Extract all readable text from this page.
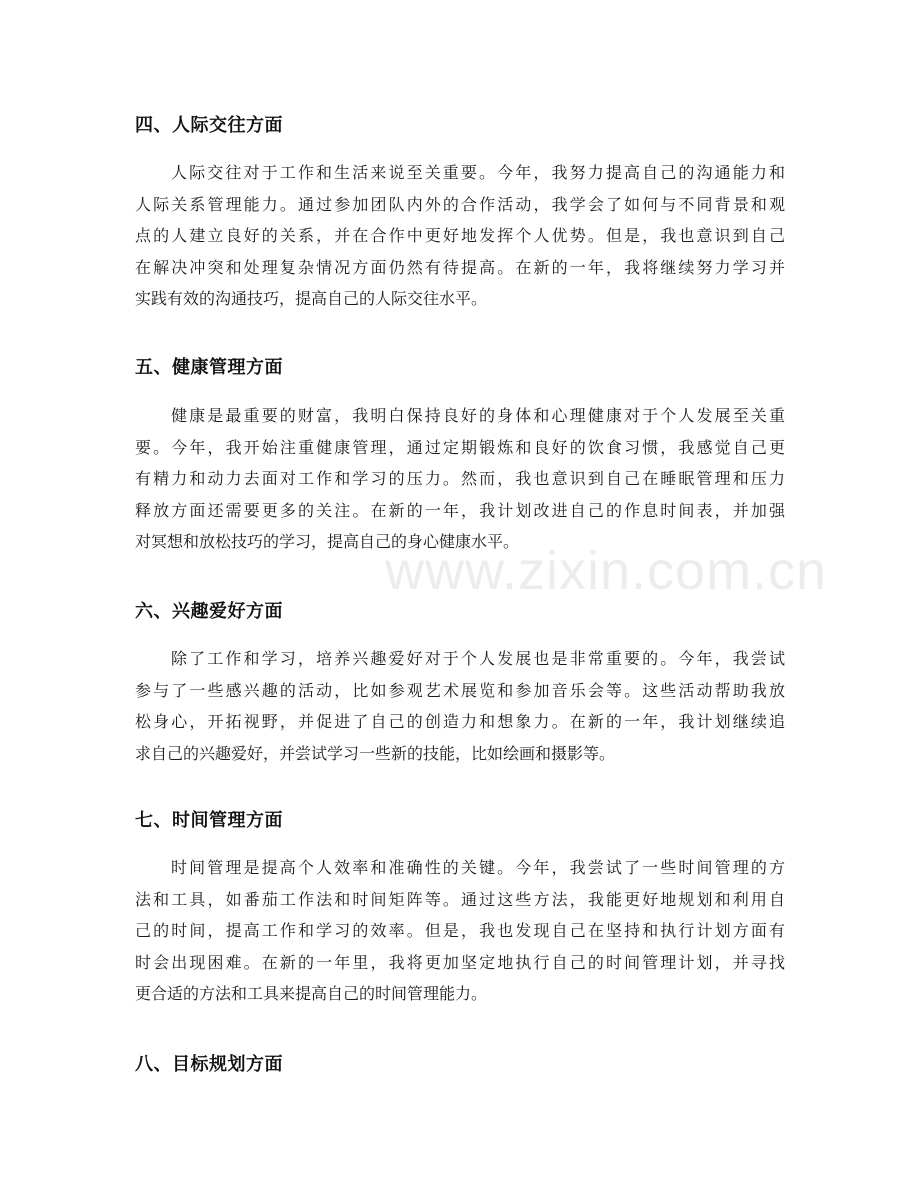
www.zixin.com.cn
四、人际交往方面
人际交往对于工作和生活来说至关重要。今年，我努力提高自己的沟通能力和
人际关系管理能力。通过参加团队内外的合作活动，我学会了如何与不同背景和观
点的人建立良好的关系，并在合作中更好地发挥个人优势。但是，我也意识到自己
在解决冲突和处理复杂情况方面仍然有待提高。在新的一年，我将继续努力学习并
实践有效的沟通技巧，提高自己的人际交往水平。
五、健康管理方面
健康是最重要的财富，我明白保持良好的身体和心理健康对于个人发展至关重
要。今年，我开始注重健康管理，通过定期锻炼和良好的饮食习惯，我感觉自己更
有精力和动力去面对工作和学习的压力。然而，我也意识到自己在睡眠管理和压力
释放方面还需要更多的关注。在新的一年，我计划改进自己的作息时间表，并加强
对冥想和放松技巧的学习，提高自己的身心健康水平。
六、兴趣爱好方面
除了工作和学习，培养兴趣爱好对于个人发展也是非常重要的。今年，我尝试
参与了一些感兴趣的活动，比如参观艺术展览和参加音乐会等。这些活动帮助我放
松身心，开拓视野，并促进了自己的创造力和想象力。在新的一年，我计划继续追
求自己的兴趣爱好，并尝试学习一些新的技能，比如绘画和摄影等。
七、时间管理方面
时间管理是提高个人效率和准确性的关键。今年，我尝试了一些时间管理的方
法和工具，如番茄工作法和时间矩阵等。通过这些方法，我能更好地规划和利用自
己的时间，提高工作和学习的效率。但是，我也发现自己在坚持和执行计划方面有
时会出现困难。在新的一年里，我将更加坚定地执行自己的时间管理计划，并寻找
更合适的方法和工具来提高自己的时间管理能力。
八、目标规划方面
